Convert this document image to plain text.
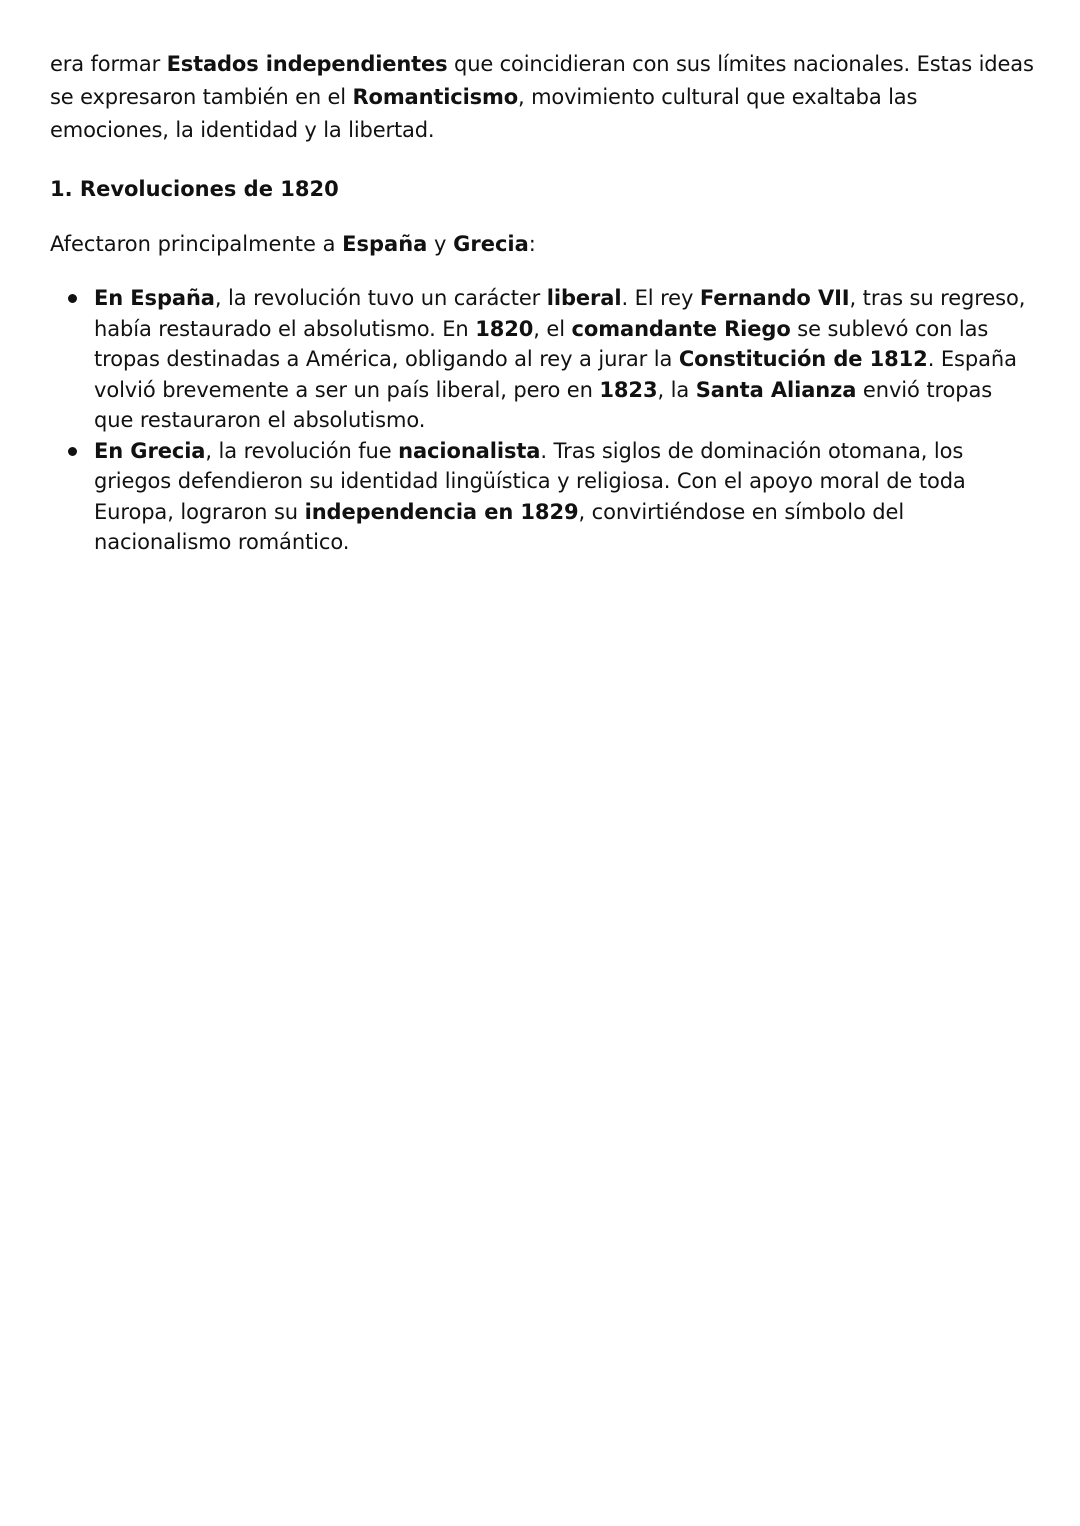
era formar Estados independientes que coincidieran con sus límites nacionales. Estas ideas se expresaron también en el Romanticismo, movimiento cultural que exaltaba las emociones, la identidad y la libertad.

1. Revoluciones de 1820

Afectaron principalmente a España y Grecia:

En España, la revolución tuvo un carácter liberal. El rey Fernando VII, tras su regreso, había restaurado el absolutismo. En 1820, el comandante Riego se sublevó con las tropas destinadas a América, obligando al rey a jurar la Constitución de 1812. España volvió brevemente a ser un país liberal, pero en 1823, la Santa Alianza envió tropas que restauraron el absolutismo.
En Grecia, la revolución fue nacionalista. Tras siglos de dominación otomana, los griegos defendieron su identidad lingüística y religiosa. Con el apoyo moral de toda Europa, lograron su independencia en 1829, convirtiéndose en símbolo del nacionalismo romántico.
